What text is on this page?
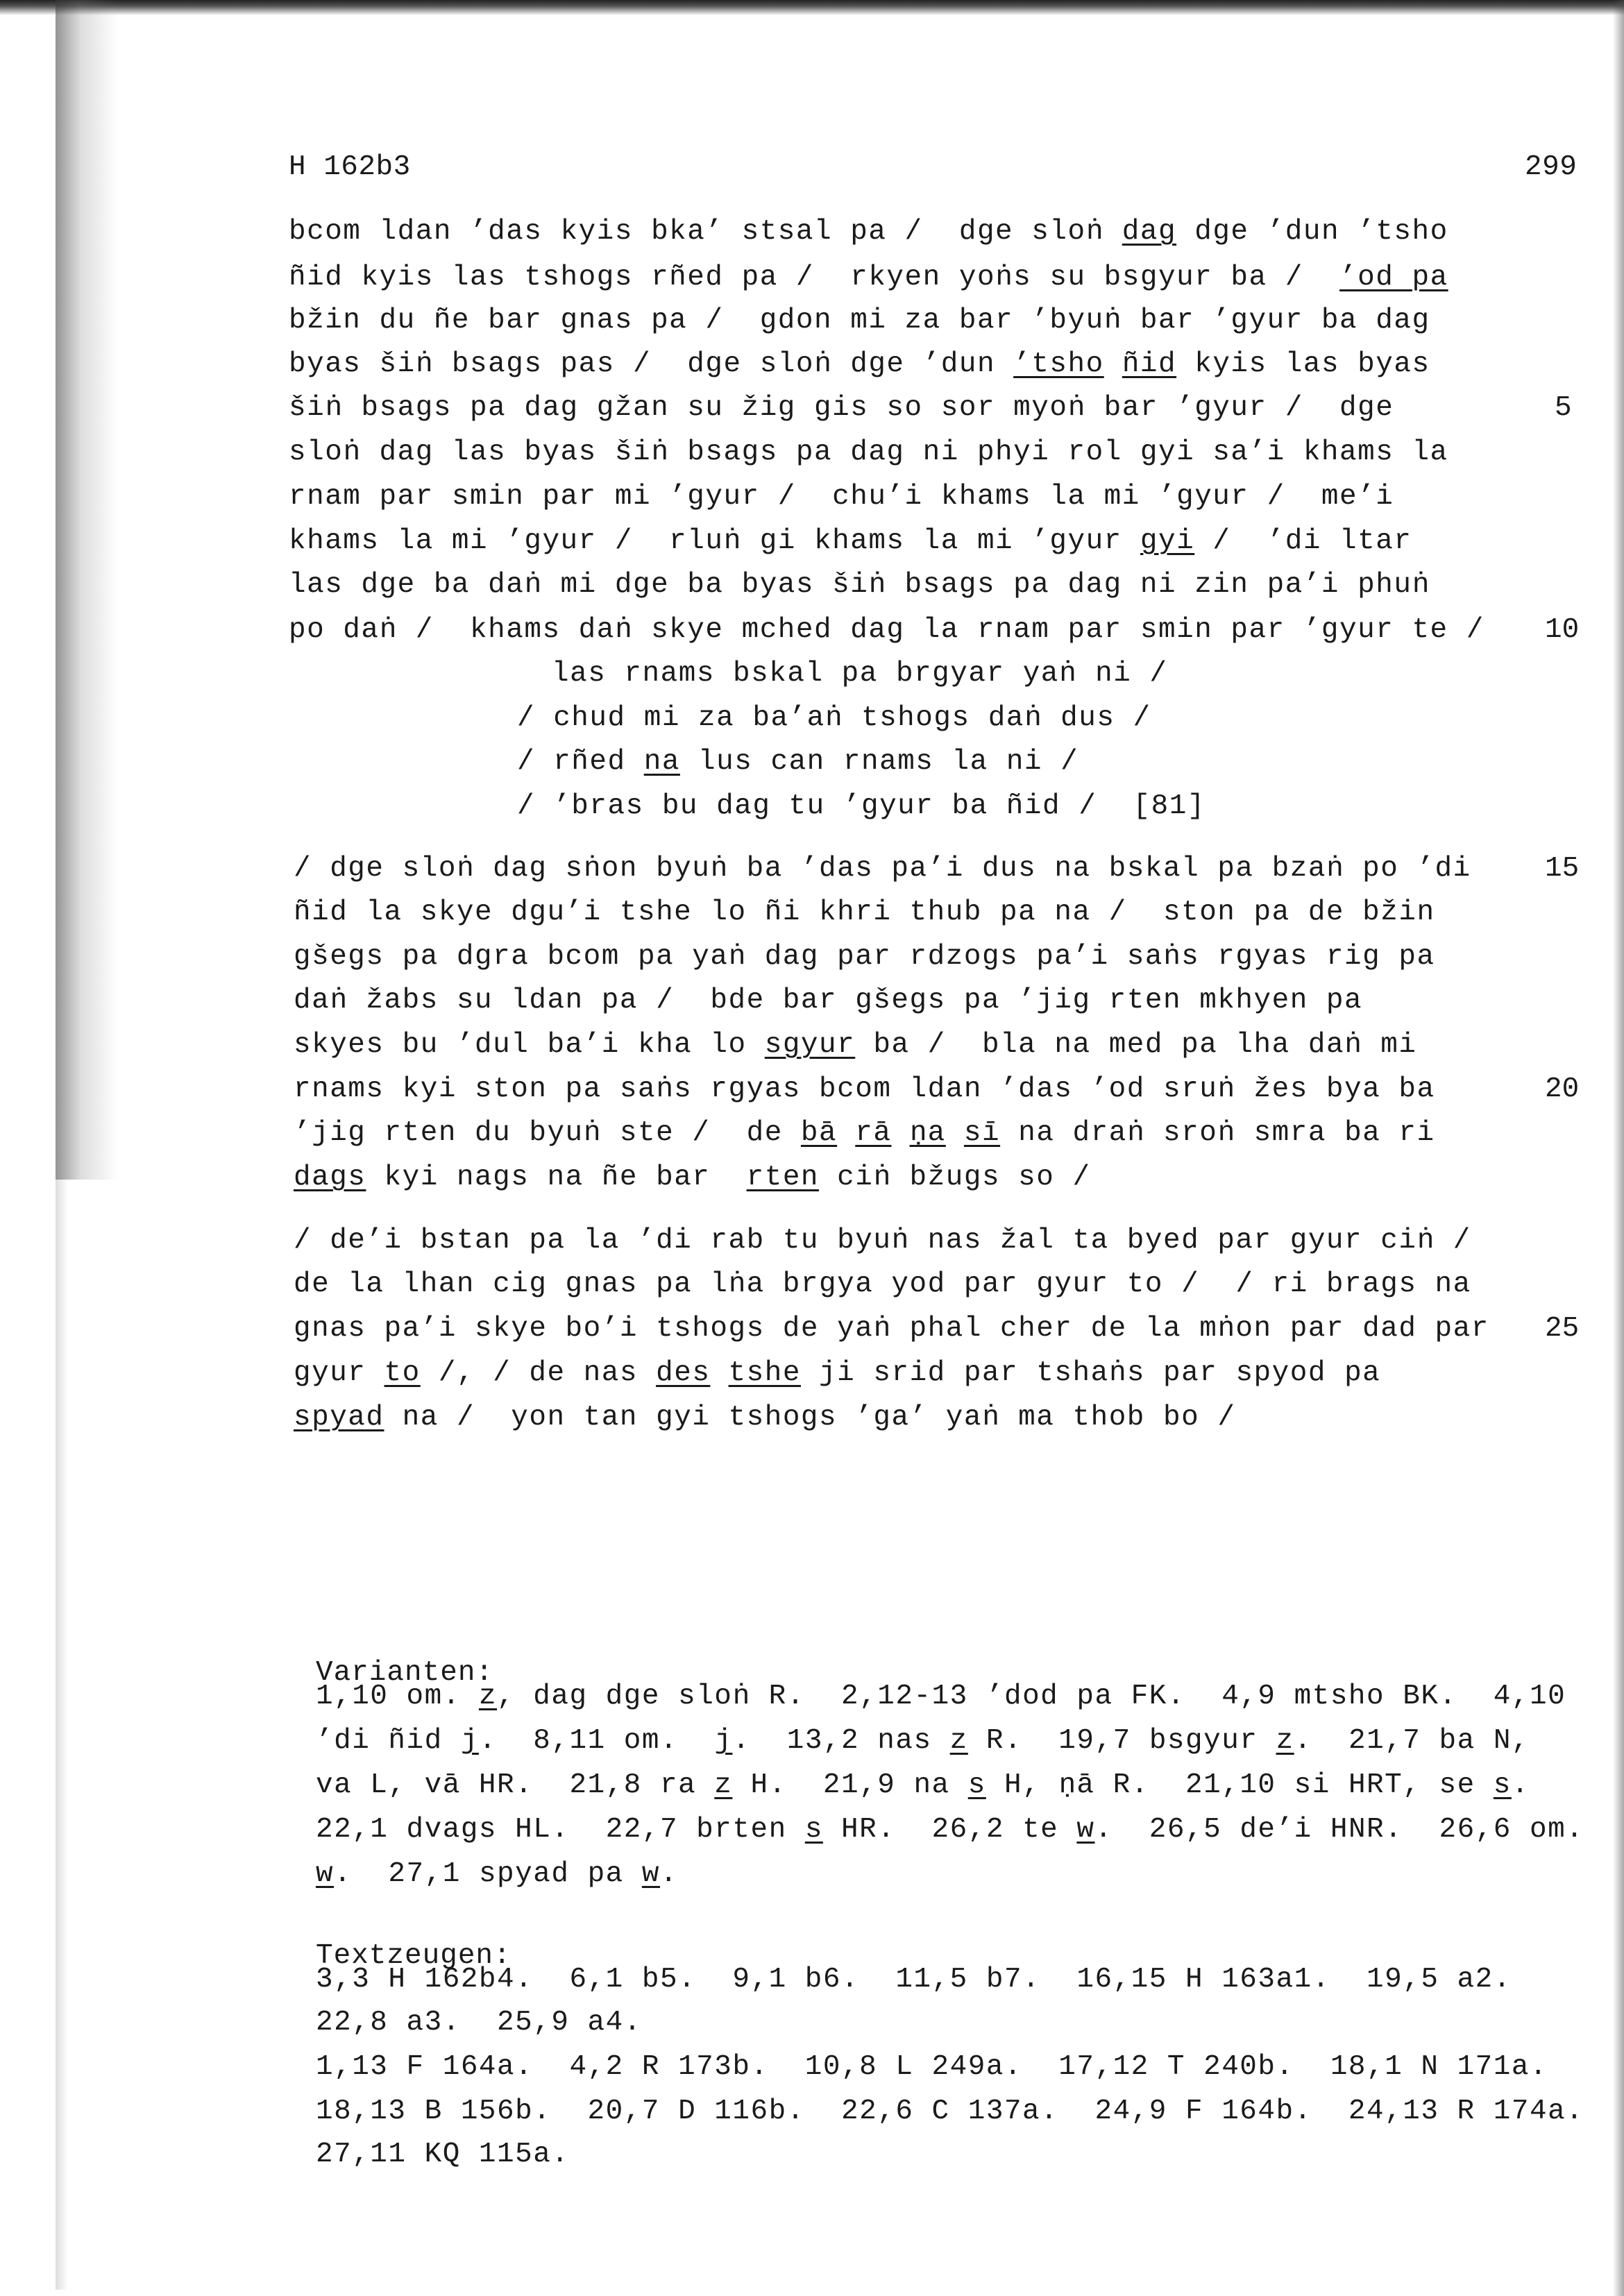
H 162b3	299
bcom ldan ’das kyis bka’ stsal pa /  dge sloṅ dag dge ’dun ’tsho
ñid kyis las tshogs rñed pa /  rkyen yoṅs su bsgyur ba /  ’od pa
bžin du ñe bar gnas pa /  gdon mi za bar ’byuṅ bar ’gyur ba dag
byas šiṅ bsags pas /  dge sloṅ dge ’dun ’tsho ñid kyis las byas
šiṅ bsags pa dag gžan su žig gis so sor myoṅ bar ’gyur /  dge
sloṅ dag las byas šiṅ bsags pa dag ni phyi rol gyi sa’i khams la
rnam par smin par mi ’gyur /  chu’i khams la mi ’gyur /  me’i
khams la mi ’gyur /  rluṅ gi khams la mi ’gyur gyi /  ’di ltar
las dge ba daṅ mi dge ba byas šiṅ bsags pa dag ni zin pa’i phuṅ
po daṅ /  khams daṅ skye mched dag la rnam par smin par ’gyur te /
las rnams bskal pa brgyar yaṅ ni /
/ chud mi za ba’aṅ tshogs daṅ dus /
/ rñed na lus can rnams la ni /
/ ’bras bu dag tu ’gyur ba ñid /  [81]
/ dge sloṅ dag sṅon byuṅ ba ’das pa’i dus na bskal pa bzaṅ po ’di
ñid la skye dgu’i tshe lo ñi khri thub pa na /  ston pa de bžin
gšegs pa dgra bcom pa yaṅ dag par rdzogs pa’i saṅs rgyas rig pa
daṅ žabs su ldan pa /  bde bar gšegs pa ’jig rten mkhyen pa
skyes bu ’dul ba’i kha lo sgyur ba /  bla na med pa lha daṅ mi
rnams kyi ston pa saṅs rgyas bcom ldan ’das ’od sruṅ žes bya ba
’jig rten du byuṅ ste /  de bā rā ṇa sī na draṅ sroṅ smra ba ri
dags kyi nags na ñe bar  rten ciṅ bžugs so /
/ de’i bstan pa la ’di rab tu byuṅ nas žal ta byed par gyur ciṅ /
de la lhan cig gnas pa lṅa brgya yod par gyur to /  / ri brags na
gnas pa’i skye bo’i tshogs de yaṅ phal cher de la mṅon par dad par
gyur to /, / de nas des tshe ji srid par tshaṅs par spyod pa
spyad na /  yon tan gyi tshogs ’ga’ yaṅ ma thob bo /
5
10
15
20
25
Varianten:
1,10 om. z, dag dge sloṅ R.  2,12-13 ’dod pa FK.  4,9 mtsho BK.  4,10
’di ñid j.  8,11 om.  j.  13,2 nas z R.  19,7 bsgyur z.  21,7 ba N,
va L, vā HR.  21,8 ra z H.  21,9 na s H, ṇā R.  21,10 si HRT, se s.
22,1 dvags HL.  22,7 brten s HR.  26,2 te w.  26,5 de’i HNR.  26,6 om.
w.  27,1 spyad pa w.
Textzeugen:
3,3 H 162b4.  6,1 b5.  9,1 b6.  11,5 b7.  16,15 H 163a1.  19,5 a2.
22,8 a3.  25,9 a4.
1,13 F 164a.  4,2 R 173b.  10,8 L 249a.  17,12 T 240b.  18,1 N 171a.
18,13 B 156b.  20,7 D 116b.  22,6 C 137a.  24,9 F 164b.  24,13 R 174a.
27,11 KQ 115a.
